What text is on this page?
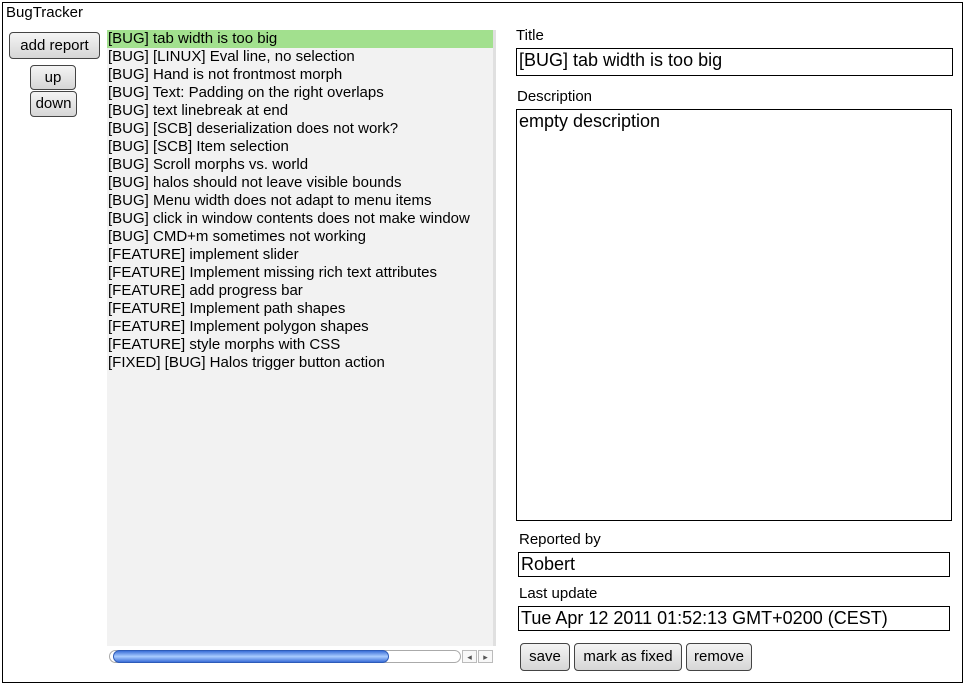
BugTracker
add report
up
down
[BUG] tab width is too big
[BUG] [LINUX] Eval line, no selection
[BUG] Hand is not frontmost morph
[BUG] Text: Padding on the right overlaps
[BUG] text linebreak at end
[BUG] [SCB] deserialization does not work?
[BUG] [SCB] Item selection
[BUG] Scroll morphs vs. world
[BUG] halos should not leave visible bounds
[BUG] Menu width does not adapt to menu items
[BUG] click in window contents does not make window
[BUG] CMD+m sometimes not working
[FEATURE] implement slider
[FEATURE] Implement missing rich text attributes
[FEATURE] add progress bar
[FEATURE] Implement path shapes
[FEATURE] Implement polygon shapes
[FEATURE] style morphs with CSS
[FIXED] [BUG] Halos trigger button action
◂	▸
Title
[BUG] tab width is too big
Description
empty description
Reported by
Robert
Last update
Tue Apr 12 2011 01:52:13 GMT+0200 (CEST)
save	mark as fixed	remove
